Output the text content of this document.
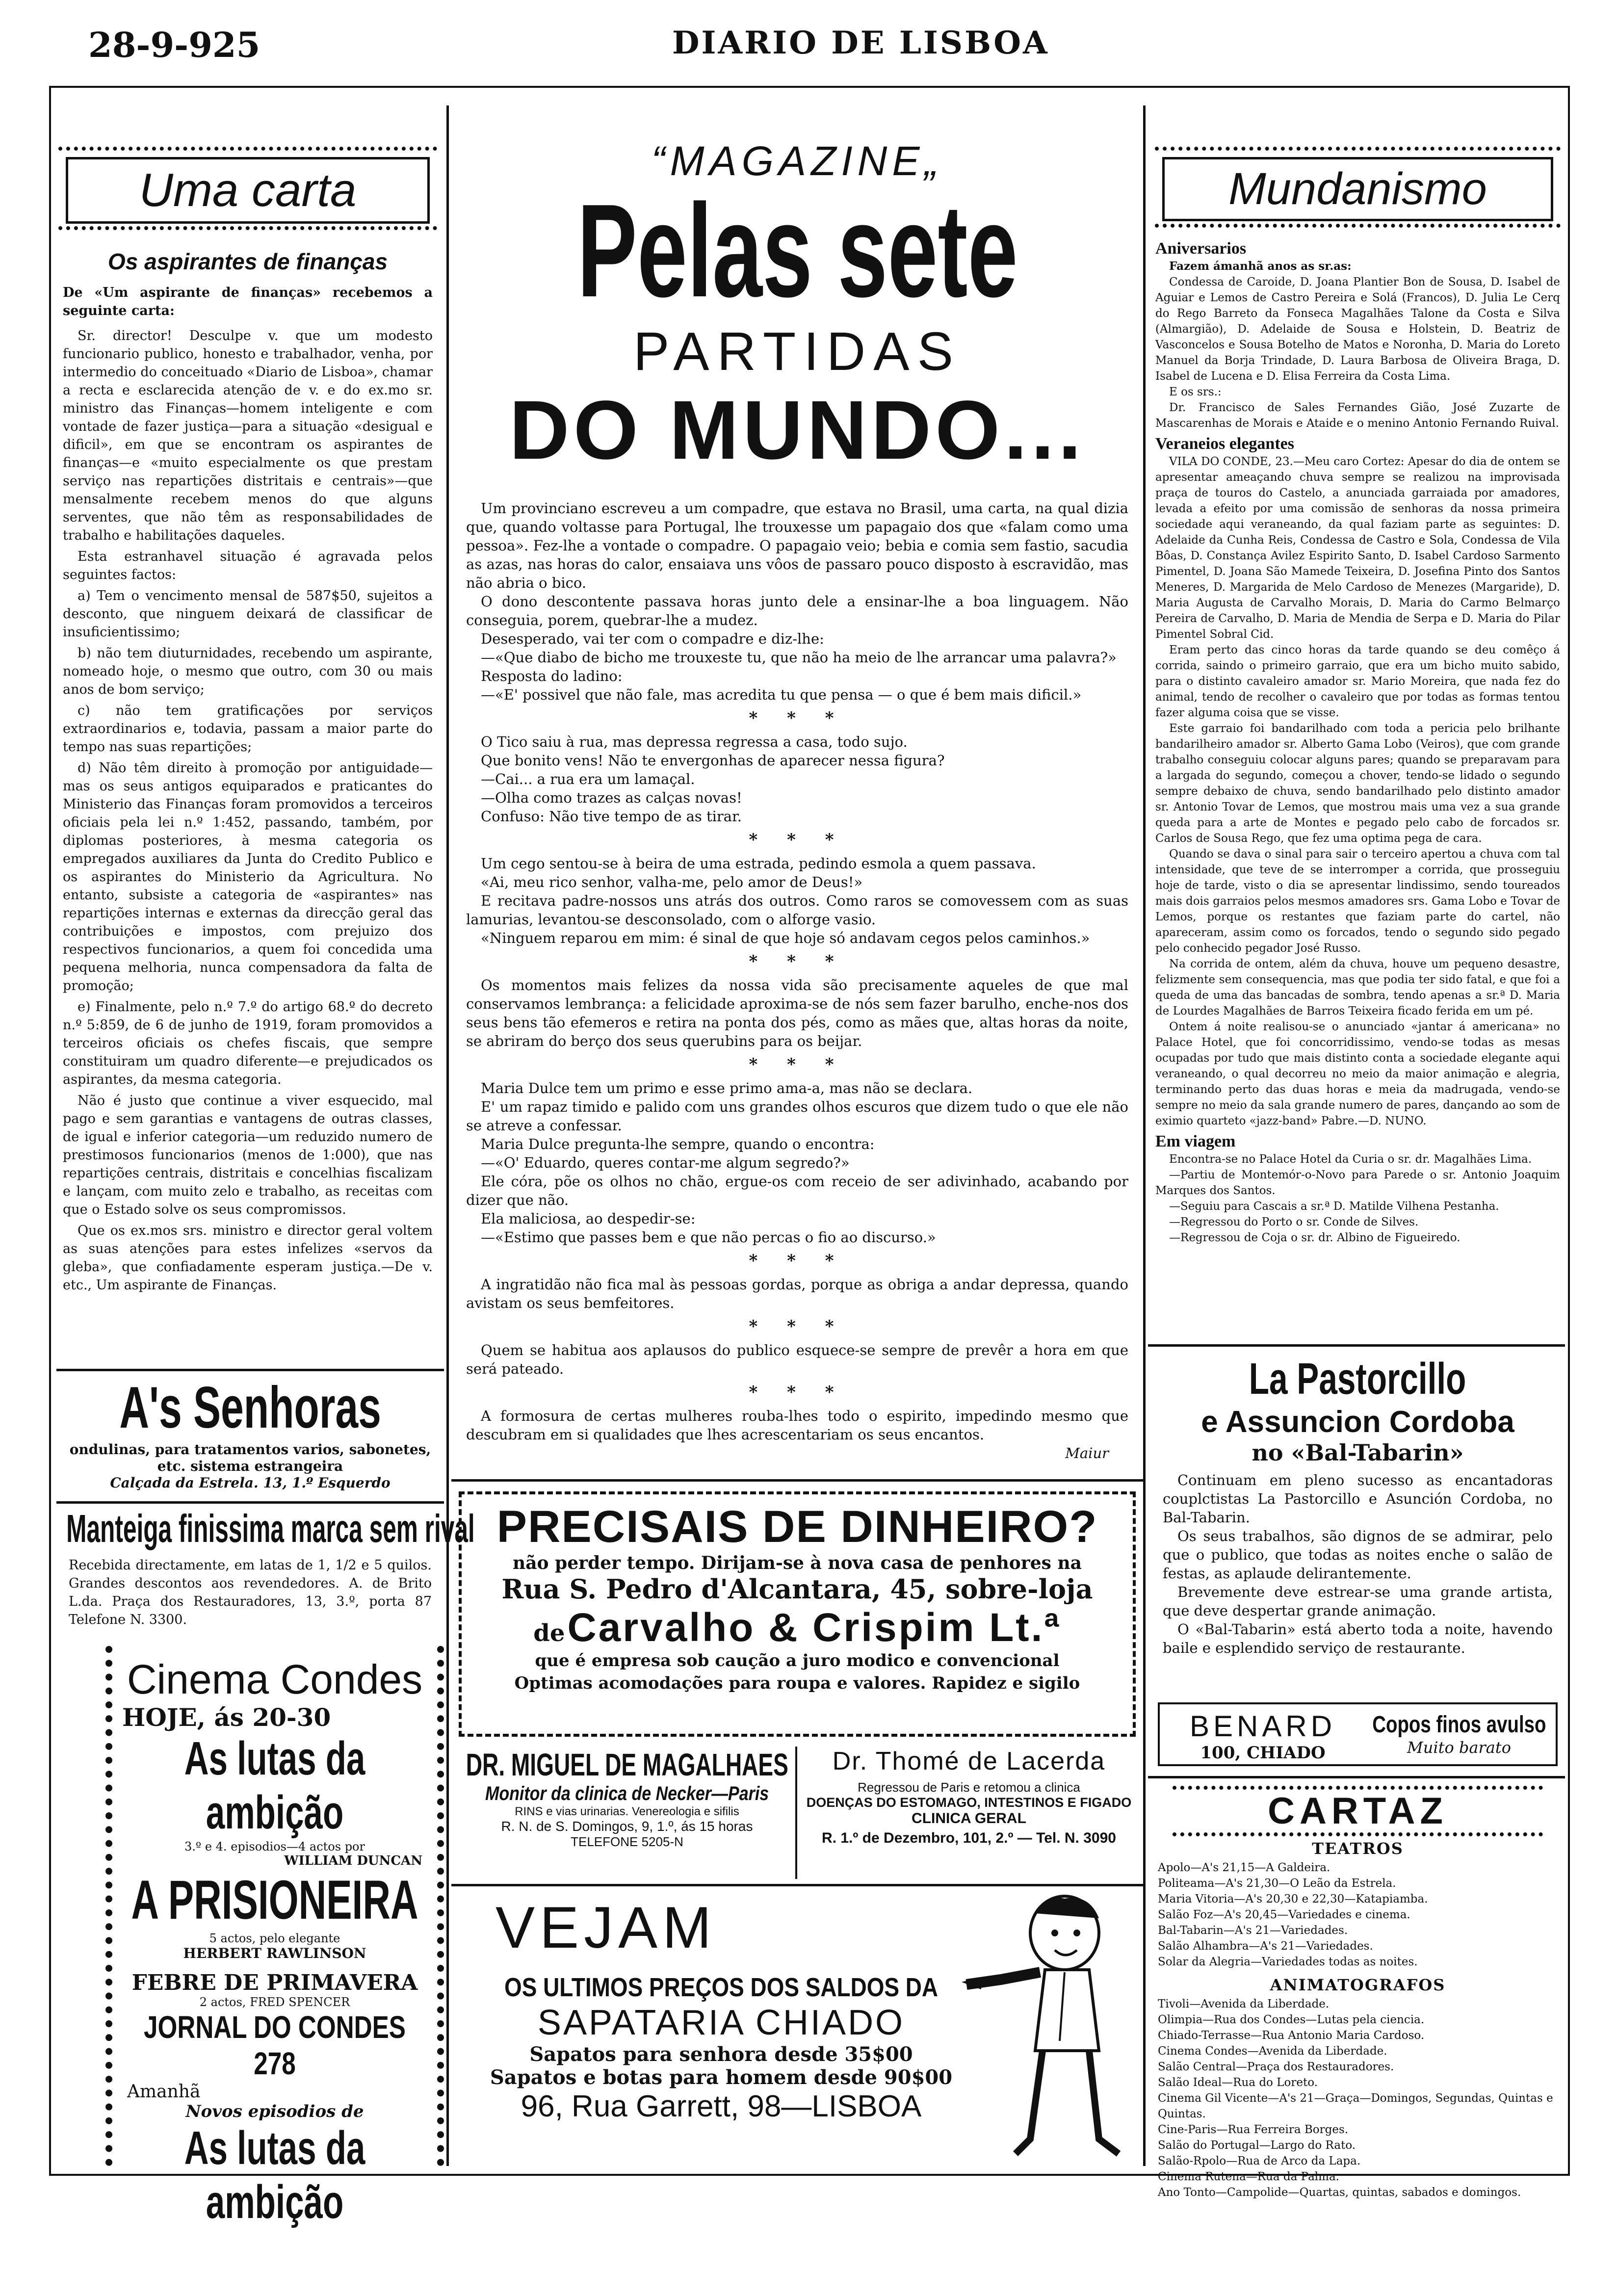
28-9-925	DIARIO DE LISBOA
Uma carta
Os aspirantes de finanças

De «Um aspirante de finanças» recebemos a seguinte carta:

Sr. director! Desculpe v. que um modesto funcionario publico, honesto e trabalhador, venha, por intermedio do conceituado «Diario de Lisboa», chamar a recta e esclarecida atenção de v. e do ex.mo sr. ministro das Finanças—homem inteligente e com vontade de fazer justiça—para a situação «desigual e dificil», em que se encontram os aspirantes de finanças—e «muito especialmente os que prestam serviço nas repartições distritais e centrais»—que mensalmente recebem menos do que alguns serventes, que não têm as responsabilidades de trabalho e habilitações daqueles.

Esta estranhavel situação é agravada pelos seguintes factos:

a) Tem o vencimento mensal de 587$50, sujeitos a desconto, que ninguem deixará de classificar de insuficientissimo;

b) não tem diuturnidades, recebendo um aspirante, nomeado hoje, o mesmo que outro, com 30 ou mais anos de bom serviço;

c) não tem gratificações por serviços extraordinarios e, todavia, passam a maior parte do tempo nas suas repartições;

d) Não têm direito à promoção por antiguidade—mas os seus antigos equiparados e praticantes do Ministerio das Finanças foram promovidos a terceiros oficiais pela lei n.º 1:452, passando, também, por diplomas posteriores, à mesma categoria os empregados auxiliares da Junta do Credito Publico e os aspirantes do Ministerio da Agricultura. No entanto, subsiste a categoria de «aspirantes» nas repartições internas e externas da direcção geral das contribuições e impostos, com prejuizo dos respectivos funcionarios, a quem foi concedida uma pequena melhoria, nunca compensadora da falta de promoção;

e) Finalmente, pelo n.º 7.º do artigo 68.º do decreto n.º 5:859, de 6 de junho de 1919, foram promovidos a terceiros oficiais os chefes fiscais, que sempre constituiram um quadro diferente—e prejudicados os aspirantes, da mesma categoria.

Não é justo que continue a viver esquecido, mal pago e sem garantias e vantagens de outras classes, de igual e inferior categoria—um reduzido numero de prestimosos funcionarios (menos de 1:000), que nas repartições centrais, distritais e concelhias fiscalizam e lançam, com muito zelo e trabalho, as receitas com que o Estado solve os seus compromissos.

Que os ex.mos srs. ministro e director geral voltem as suas atenções para estes infelizes «servos da gleba», que confiadamente esperam justiça.—De v. etc., Um aspirante de Finanças.

A's Senhoras
ondulinas, para tratamentos varios, sabonetes, etc. sistema estrangeira
Calçada da Estrela. 13, 1.º Esquerdo
Manteiga finissima marca sem rival

Recebida directamente, em latas de 1, 1/2 e 5 quilos. Grandes descontos aos revendedores. A. de Brito L.da. Praça dos Restauradores, 13, 3.º, porta 87 Telefone N. 3300.

Cinema Condes
HOJE, ás 20-30
As lutas da ambição
3.º e 4. episodios—4 actos por
WILLIAM DUNCAN
A PRISIONEIRA
5 actos, pelo elegante
HERBERT RAWLINSON
FEBRE DE PRIMAVERA
2 actos, FRED SPENCER
JORNAL DO CONDES 278
Amanhã
Novos episodios de
As lutas da ambição
“MAGAZINE„
Pelas sete
PARTIDAS
DO MUNDO...

Um provinciano escreveu a um compadre, que estava no Brasil, uma carta, na qual dizia que, quando voltasse para Portugal, lhe trouxesse um papagaio dos que «falam como uma pessoa». Fez-lhe a vontade o compadre. O papagaio veio; bebia e comia sem fastio, sacudia as azas, nas horas do calor, ensaiava uns vôos de passaro pouco disposto à escravidão, mas não abria o bico.

O dono descontente passava horas junto dele a ensinar-lhe a boa linguagem. Não conseguia, porem, quebrar-lhe a mudez.

Desesperado, vai ter com o compadre e diz-lhe:

—«Que diabo de bicho me trouxeste tu, que não ha meio de lhe arrancar uma palavra?»

Resposta do ladino:

—«E' possivel que não fale, mas acredita tu que pensa — o que é bem mais dificil.»

* * *

O Tico saiu à rua, mas depressa regressa a casa, todo sujo.

Que bonito vens! Não te envergonhas de aparecer nessa figura?

—Cai... a rua era um lamaçal.

—Olha como trazes as calças novas!

Confuso: Não tive tempo de as tirar.

* * *

Um cego sentou-se à beira de uma estrada, pedindo esmola a quem passava.

«Ai, meu rico senhor, valha-me, pelo amor de Deus!»

E recitava padre-nossos uns atrás dos outros. Como raros se comovessem com as suas lamurias, levantou-se desconsolado, com o alforge vasio.

«Ninguem reparou em mim: é sinal de que hoje só andavam cegos pelos caminhos.»

* * *

Os momentos mais felizes da nossa vida são precisamente aqueles de que mal conservamos lembrança: a felicidade aproxima-se de nós sem fazer barulho, enche-nos dos seus bens tão efemeros e retira na ponta dos pés, como as mães que, altas horas da noite, se abriram do berço dos seus querubins para os beijar.

* * *

Maria Dulce tem um primo e esse primo ama-a, mas não se declara.

E' um rapaz timido e palido com uns grandes olhos escuros que dizem tudo o que ele não se atreve a confessar.

Maria Dulce pregunta-lhe sempre, quando o encontra:

—«O' Eduardo, queres contar-me algum segredo?»

Ele córa, põe os olhos no chão, ergue-os com receio de ser adivinhado, acabando por dizer que não.

Ela maliciosa, ao despedir-se:

—«Estimo que passes bem e que não percas o fio ao discurso.»

* * *

A ingratidão não fica mal às pessoas gordas, porque as obriga a andar depressa, quando avistam os seus bemfeitores.

* * *

Quem se habitua aos aplausos do publico esquece-se sempre de prevêr a hora em que será pateado.

* * *

A formosura de certas mulheres rouba-lhes todo o espirito, impedindo mesmo que descubram em si qualidades que lhes acrescentariam os seus encantos.

Maiur

PRECISAIS DE DINHEIRO?
não perder tempo. Dirijam-se à nova casa de penhores na
Rua S. Pedro d'Alcantara, 45, sobre-loja
de Carvalho & Crispim Lt.ª
que é empresa sob caução a juro modico e convencional
Optimas acomodações para roupa e valores. Rapidez e sigilo
DR. MIGUEL DE MAGALHAES Monitor da clinica de Necker—Paris
RINS e vias urinarias. Venereologia e sifilis
R. N. de S. Domingos, 9, 1.º, ás 15 horas
TELEFONE 5205-N
Dr. Thomé de Lacerda
Regressou de Paris e retomou a clinica
DOENÇAS DO ESTOMAGO, INTESTINOS E FIGADO
CLINICA GERAL
R. 1.º de Dezembro, 101, 2.º — Tel. N. 3090
VEJAM
OS ULTIMOS PREÇOS DOS SALDOS DA
SAPATARIA CHIADO
Sapatos para senhora desde 35$00
Sapatos e botas para homem desde 90$00
96, Rua Garrett, 98—LISBOA
Mundanismo
Aniversarios

Fazem ámanhã anos as sr.as:

Condessa de Caroide, D. Joana Plantier Bon de Sousa, D. Isabel de Aguiar e Lemos de Castro Pereira e Solá (Francos), D. Julia Le Cerq do Rego Barreto da Fonseca Magalhães Talone da Costa e Silva (Almargião), D. Adelaide de Sousa e Holstein, D. Beatriz de Vasconcelos e Sousa Botelho de Matos e Noronha, D. Maria do Loreto Manuel da Borja Trindade, D. Laura Barbosa de Oliveira Braga, D. Isabel de Lucena e D. Elisa Ferreira da Costa Lima.

E os srs.:

Dr. Francisco de Sales Fernandes Gião, José Zuzarte de Mascarenhas de Morais e Ataide e o menino Antonio Fernando Ruival.

Veraneios elegantes

VILA DO CONDE, 23.—Meu caro Cortez: Apesar do dia de ontem se apresentar ameaçando chuva sempre se realizou na improvisada praça de touros do Castelo, a anunciada garraiada por amadores, levada a efeito por uma comissão de senhoras da nossa primeira sociedade aqui veraneando, da qual faziam parte as seguintes: D. Adelaide da Cunha Reis, Condessa de Castro e Sola, Condessa de Vila Bôas, D. Constança Avilez Espirito Santo, D. Isabel Cardoso Sarmento Pimentel, D. Joana São Mamede Teixeira, D. Josefina Pinto dos Santos Meneres, D. Margarida de Melo Cardoso de Menezes (Margaride), D. Maria Augusta de Carvalho Morais, D. Maria do Carmo Belmarço Pereira de Carvalho, D. Maria de Mendia de Serpa e D. Maria do Pilar Pimentel Sobral Cid.

Eram perto das cinco horas da tarde quando se deu comêço á corrida, saindo o primeiro garraio, que era um bicho muito sabido, para o distinto cavaleiro amador sr. Mario Moreira, que nada fez do animal, tendo de recolher o cavaleiro que por todas as formas tentou fazer alguma coisa que se visse.

Este garraio foi bandarilhado com toda a pericia pelo brilhante bandarilheiro amador sr. Alberto Gama Lobo (Veiros), que com grande trabalho conseguiu colocar alguns pares; quando se preparavam para a largada do segundo, começou a chover, tendo-se lidado o segundo sempre debaixo de chuva, sendo bandarilhado pelo distinto amador sr. Antonio Tovar de Lemos, que mostrou mais uma vez a sua grande queda para a arte de Montes e pegado pelo cabo de forcados sr. Carlos de Sousa Rego, que fez uma optima pega de cara.

Quando se dava o sinal para sair o terceiro apertou a chuva com tal intensidade, que teve de se interromper a corrida, que prosseguiu hoje de tarde, visto o dia se apresentar lindissimo, sendo toureados mais dois garraios pelos mesmos amadores srs. Gama Lobo e Tovar de Lemos, porque os restantes que faziam parte do cartel, não apareceram, assim como os forcados, tendo o segundo sido pegado pelo conhecido pegador José Russo.

Na corrida de ontem, além da chuva, houve um pequeno desastre, felizmente sem consequencia, mas que podia ter sido fatal, e que foi a queda de uma das bancadas de sombra, tendo apenas a sr.ª D. Maria de Lourdes Magalhães de Barros Teixeira ficado ferida em um pé.

Ontem á noite realisou-se o anunciado «jantar á americana» no Palace Hotel, que foi concorridissimo, vendo-se todas as mesas ocupadas por tudo que mais distinto conta a sociedade elegante aqui veraneando, o qual decorreu no meio da maior animação e alegria, terminando perto das duas horas e meia da madrugada, vendo-se sempre no meio da sala grande numero de pares, dançando ao som de eximio quarteto «jazz-band» Pabre.—D. NUNO.

Em viagem

Encontra-se no Palace Hotel da Curia o sr. dr. Magalhães Lima.

—Partiu de Montemór-o-Novo para Parede o sr. Antonio Joaquim Marques dos Santos.

—Seguiu para Cascais a sr.ª D. Matilde Vilhena Pestanha.

—Regressou do Porto o sr. Conde de Silves.

—Regressou de Coja o sr. dr. Albino de Figueiredo.

La Pastorcillo
e Assuncion Cordoba
no «Bal-Tabarin»

Continuam em pleno sucesso as encantadoras couplctistas La Pastorcillo e Asunción Cordoba, no Bal-Tabarin.

Os seus trabalhos, são dignos de se admirar, pelo que o publico, que todas as noites enche o salão de festas, as aplaude delirantemente.

Brevemente deve estrear-se uma grande artista, que deve despertar grande animação.

O «Bal-Tabarin» está aberto toda a noite, havendo baile e esplendido serviço de restaurante.

BENARD
100, CHIADO
Copos finos avulso
Muito barato
CARTAZ
TEATROS

Apolo—A's 21,15—A Galdeira.

Politeama—A's 21,30—O Leão da Estrela.

Maria Vitoria—A's 20,30 e 22,30—Katapiamba.

Salão Foz—A's 20,45—Variedades e cinema.

Bal-Tabarin—A's 21—Variedades.

Salão Alhambra—A's 21—Variedades.

Solar da Alegria—Variedades todas as noites.

ANIMATOGRAFOS

Tivoli—Avenida da Liberdade.

Olimpia—Rua dos Condes—Lutas pela ciencia.

Chiado-Terrasse—Rua Antonio Maria Cardoso.

Cinema Condes—Avenida da Liberdade.

Salão Central—Praça dos Restauradores.

Salão Ideal—Rua do Loreto.

Cinema Gil Vicente—A's 21—Graça—Domingos, Segundas, Quintas e Quintas.

Cine-Paris—Rua Ferreira Borges.

Salão do Portugal—Largo do Rato.

Salão-Rpolo—Rua de Arco da Lapa.

Cinema Rutena—Rua da Palma.

Ano Tonto—Campolide—Quartas, quintas, sabados e domingos.
